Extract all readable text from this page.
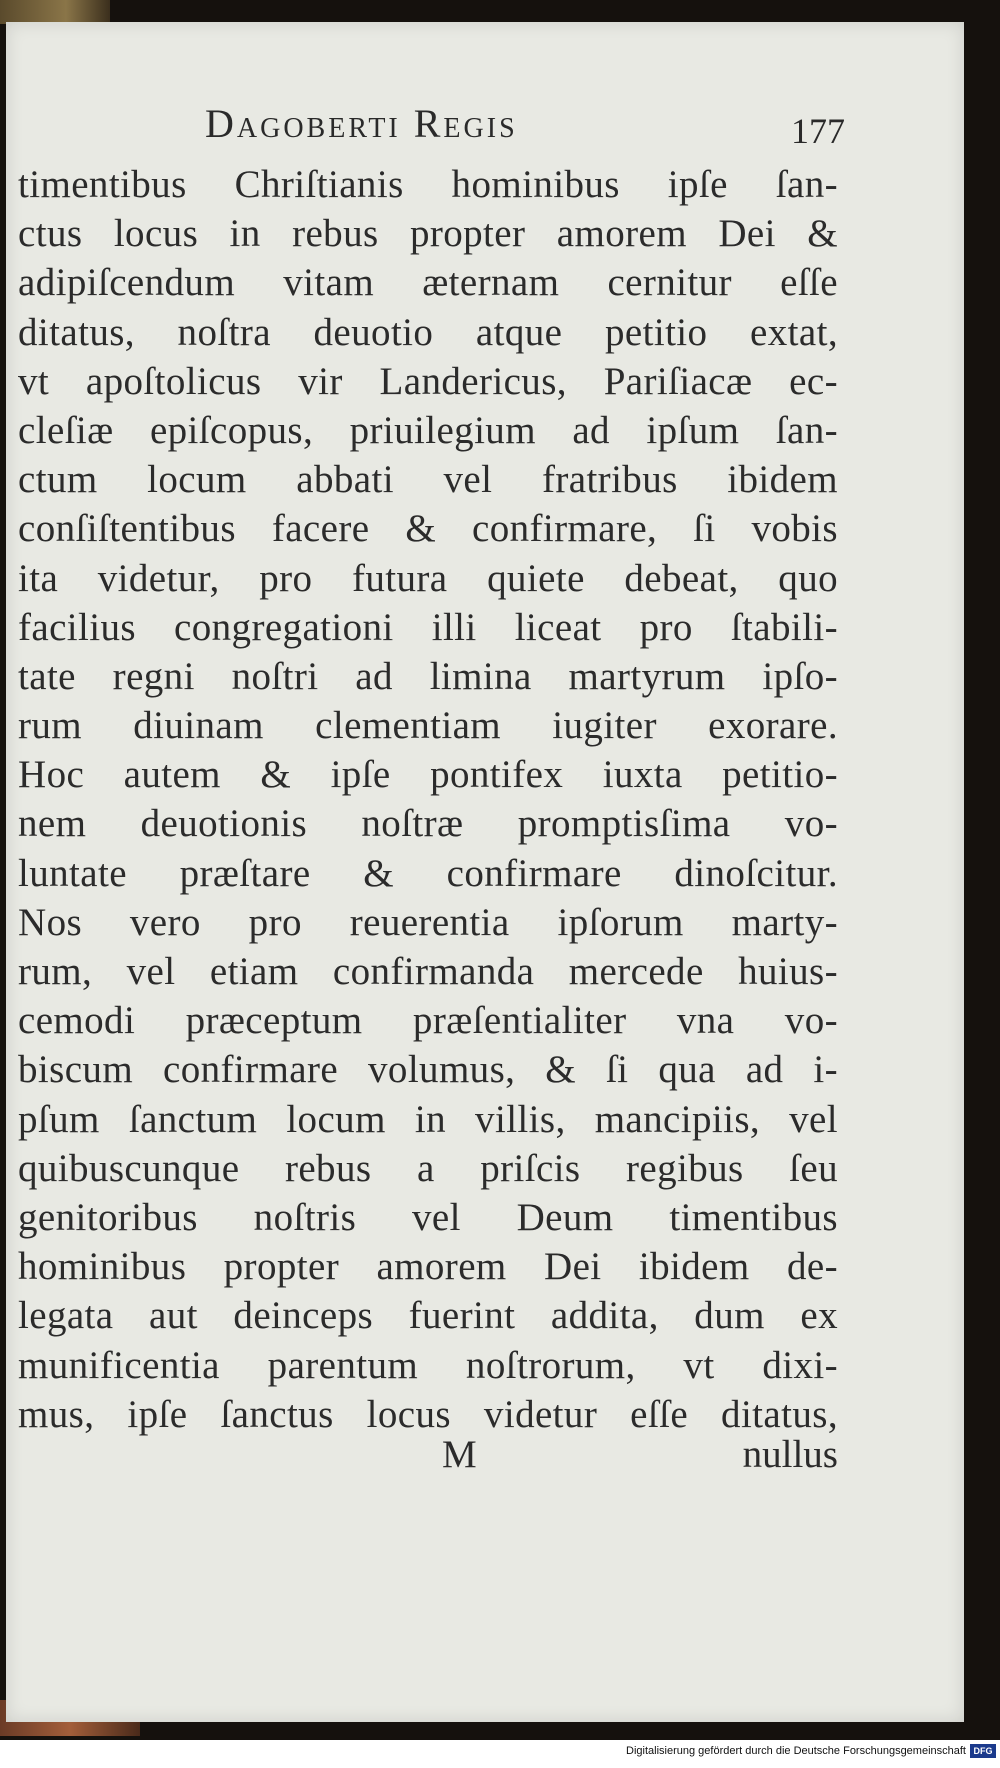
Dagoberti Regis	177
timentibus Chriſtianis hominibus ipſe ſan-
ctus locus in rebus propter amorem Dei &
adipiſcendum vitam æternam cernitur eſſe
ditatus, noſtra deuotio atque petitio extat,
vt apoſtolicus vir Landericus, Pariſiacæ ec-
cleſiæ epiſcopus, priuilegium ad ipſum ſan-
ctum locum abbati vel fratribus ibidem
conſiſtentibus facere & confirmare, ſi vobis
ita videtur, pro futura quiete debeat, quo
facilius congregationi illi liceat pro ſtabili-
tate regni noſtri ad limina martyrum ipſo-
rum diuinam clementiam iugiter exorare.
Hoc autem & ipſe pontifex iuxta petitio-
nem deuotionis noſtræ promptisſima vo-
luntate præſtare & confirmare dinoſcitur.
Nos vero pro reuerentia ipſorum marty-
rum, vel etiam confirmanda mercede huius-
cemodi præceptum præſentialiter vna vo-
biscum confirmare volumus, & ſi qua ad i-
pſum ſanctum locum in villis, mancipiis, vel
quibuscunque rebus a priſcis regibus ſeu
genitoribus noſtris vel Deum timentibus
hominibus propter amorem Dei ibidem de-
legata aut deinceps fuerint addita, dum ex
munificentia parentum noſtrorum, vt dixi-
mus, ipſe ſanctus locus videtur eſſe ditatus,
M	nullus
Digitalisierung gefördert durch die Deutsche Forschungsgemeinschaft DFG
